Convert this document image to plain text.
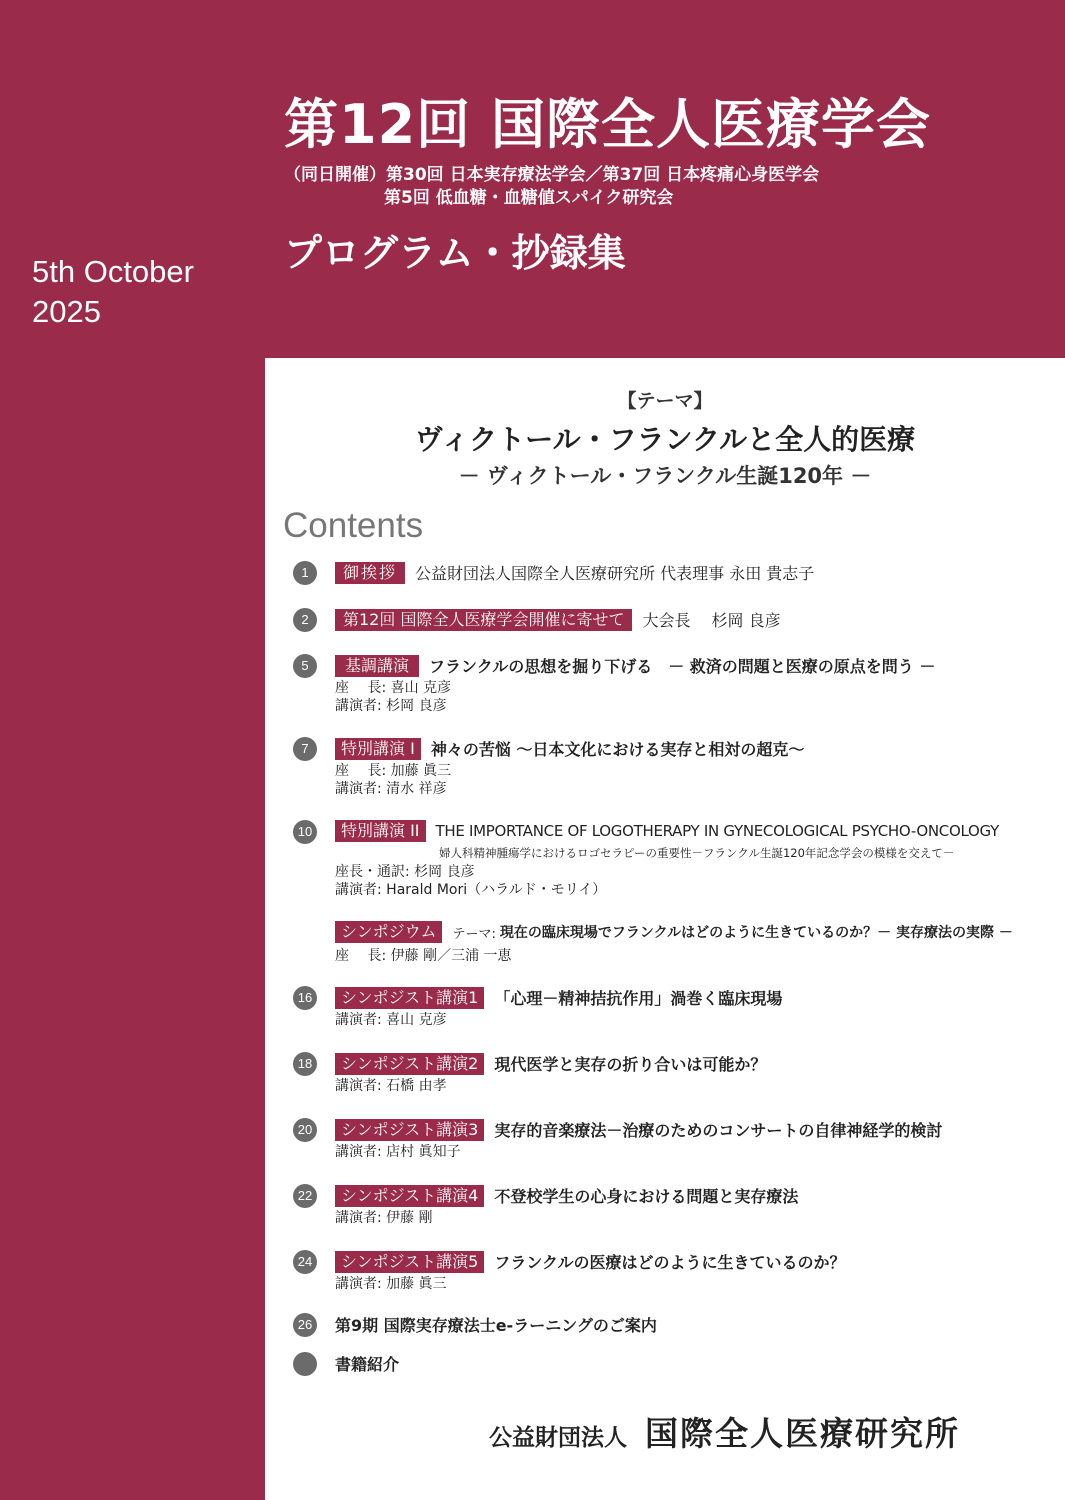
第12回 国際全人医療学会
（同日開催）第30回 日本実存療法学会／第37回 日本疼痛心身医学会
第5回 低血糖・血糖値スパイク研究会
プログラム・抄録集
5th October
2025
【テーマ】
ヴィクトール・フランクルと全人的医療
－ ヴィクトール・フランクル生誕120年 －
Contents
1	御挨拶	公益財団法人国際全人医療研究所 代表理事 永田 貴志子
2	第12回 国際全人医療学会開催に寄せて	大会長　 杉岡 良彦
5	基調講演	フランクルの思想を掘り下げる　－ 救済の問題と医療の原点を問う －
座　 長: 喜山 克彦
講演者: 杉岡 良彦
7	特別講演 I	神々の苦悩 ～日本文化における実存と相対の超克～
座　 長: 加藤 眞三
講演者: 清水 祥彦
10	特別講演 II	THE IMPORTANCE OF LOGOTHERAPY IN GYNECOLOGICAL PSYCHO-ONCOLOGY
婦人科精神腫瘍学におけるロゴセラピーの重要性－フランクル生誕120年記念学会の模様を交えて－
座長・通訳: 杉岡 良彦
講演者: Harald Mori（ハラルド・モリイ）
シンポジウム	テーマ: 現在の臨床現場でフランクルはどのように生きているのか？－ 実存療法の実際 －
座　 長: 伊藤 剛／三浦 一恵
16	シンポジスト講演1	「心理－精神拮抗作用」渦巻く臨床現場
講演者: 喜山 克彦
18	シンポジスト講演2	現代医学と実存の折り合いは可能か？
講演者: 石橋 由孝
20	シンポジスト講演3	実存的音楽療法－治療のためのコンサートの自律神経学的検討
講演者: 店村 眞知子
22	シンポジスト講演4	不登校学生の心身における問題と実存療法
講演者: 伊藤 剛
24	シンポジスト講演5	フランクルの医療はどのように生きているのか？
講演者: 加藤 眞三
26 第9期 国際実存療法士e-ラーニングのご案内
書籍紹介
公益財団法人 国際全人医療研究所
